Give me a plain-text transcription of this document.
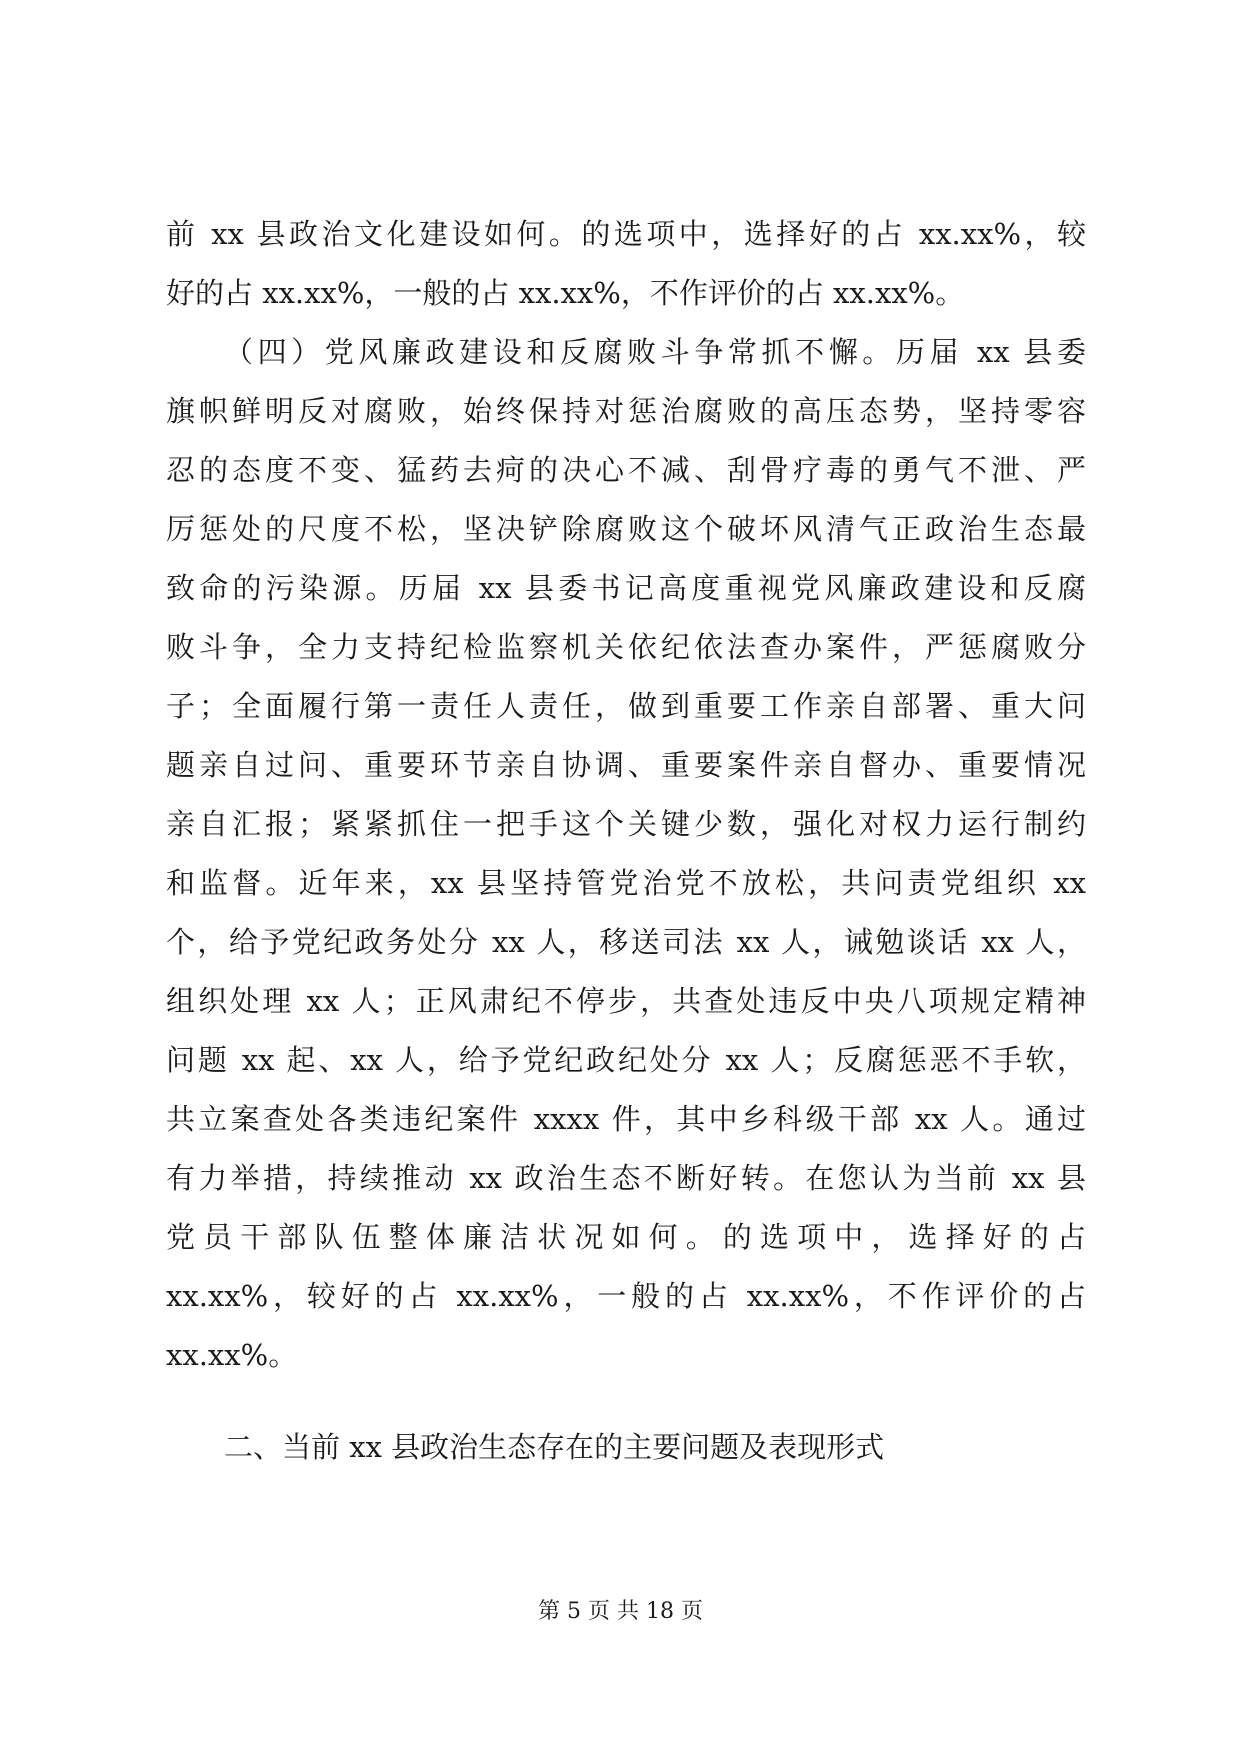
前 xx 县政治文化建设如何。的选项中，选择好的占 xx.xx%，较
好的占 xx.xx%，一般的占 xx.xx%，不作评价的占 xx.xx%。
（四）党风廉政建设和反腐败斗争常抓不懈。历届 xx 县委
旗帜鲜明反对腐败，始终保持对惩治腐败的高压态势，坚持零容
忍的态度不变、猛药去疴的决心不减、刮骨疗毒的勇气不泄、严
厉惩处的尺度不松，坚决铲除腐败这个破坏风清气正政治生态最
致命的污染源。历届 xx 县委书记高度重视党风廉政建设和反腐
败斗争，全力支持纪检监察机关依纪依法查办案件，严惩腐败分
子；全面履行第一责任人责任，做到重要工作亲自部署、重大问
题亲自过问、重要环节亲自协调、重要案件亲自督办、重要情况
亲自汇报；紧紧抓住一把手这个关键少数，强化对权力运行制约
和监督。近年来，xx 县坚持管党治党不放松，共问责党组织 xx
个，给予党纪政务处分 xx 人，移送司法 xx 人，诫勉谈话 xx 人，
组织处理 xx 人；正风肃纪不停步，共查处违反中央八项规定精神
问题 xx 起、xx 人，给予党纪政纪处分 xx 人；反腐惩恶不手软，
共立案查处各类违纪案件 xxxx 件，其中乡科级干部 xx 人。通过
有力举措，持续推动 xx 政治生态不断好转。在您认为当前 xx 县
党员干部队伍整体廉洁状况如何。的选项中，选择好的占
xx.xx%，较好的占 xx.xx%，一般的占 xx.xx%，不作评价的占
xx.xx%。
二、当前 xx 县政治生态存在的主要问题及表现形式
第 5 页 共 18 页
